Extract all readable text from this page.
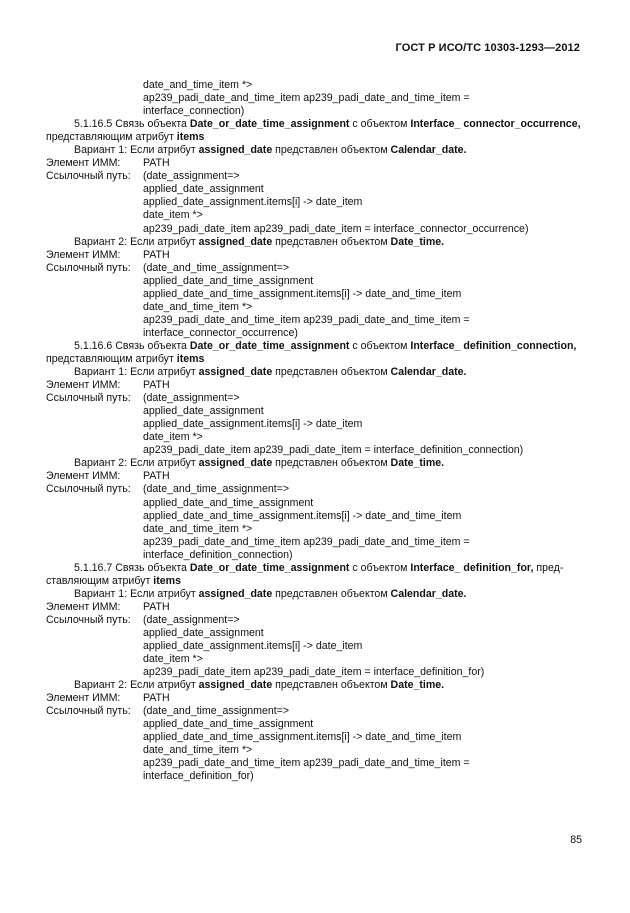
ГОСТ Р ИСО/ТС 10303-1293—2012
date_and_time_item *>
ap239_padi_date_and_time_item ap239_padi_date_and_time_item =
interface_connection)
5.1.16.5 Связь объекта Date_or_date_time_assignment с объектом Interface_ connector_occurrence,
представляющим атрибут items
Вариант 1: Если атрибут assigned_date представлен объектом Calendar_date.
Элемент ИММ:	PATH
Ссылочный путь:	(date_assignment=>
applied_date_assignment
applied_date_assignment.items[i] -> date_item
date_item *>
ap239_padi_date_item ap239_padi_date_item = interface_connector_occurrence)
Вариант 2: Если атрибут assigned_date представлен объектом Date_time.
Элемент ИММ:	PATH
Ссылочный путь:	(date_and_time_assignment=>
applied_date_and_time_assignment
applied_date_and_time_assignment.items[i] -> date_and_time_item
date_and_time_item *>
ap239_padi_date_and_time_item ap239_padi_date_and_time_item =
interface_connector_occurrence)
5.1.16.6 Связь объекта Date_or_date_time_assignment с объектом Interface_ definition_connection,
представляющим атрибут items
Вариант 1: Если атрибут assigned_date представлен объектом Calendar_date.
Элемент ИММ:	PATH
Ссылочный путь:	(date_assignment=>
applied_date_assignment
applied_date_assignment.items[i] -> date_item
date_item *>
ap239_padi_date_item ap239_padi_date_item = interface_definition_connection)
Вариант 2: Если атрибут assigned_date представлен объектом Date_time.
Элемент ИММ:	PATH
Ссылочный путь:	(date_and_time_assignment=>
applied_date_and_time_assignment
applied_date_and_time_assignment.items[i] -> date_and_time_item
date_and_time_item *>
ap239_padi_date_and_time_item ap239_padi_date_and_time_item =
interface_definition_connection)
5.1.16.7 Связь объекта Date_or_date_time_assignment с объектом Interface_ definition_for, пред-
ставляющим атрибут items
Вариант 1: Если атрибут assigned_date представлен объектом Calendar_date.
Элемент ИММ:	PATH
Ссылочный путь:	(date_assignment=>
applied_date_assignment
applied_date_assignment.items[i] -> date_item
date_item *>
ap239_padi_date_item ap239_padi_date_item = interface_definition_for)
Вариант 2: Если атрибут assigned_date представлен объектом Date_time.
Элемент ИММ:	PATH
Ссылочный путь:	(date_and_time_assignment=>
applied_date_and_time_assignment
applied_date_and_time_assignment.items[i] -> date_and_time_item
date_and_time_item *>
ap239_padi_date_and_time_item ap239_padi_date_and_time_item =
interface_definition_for)
85
